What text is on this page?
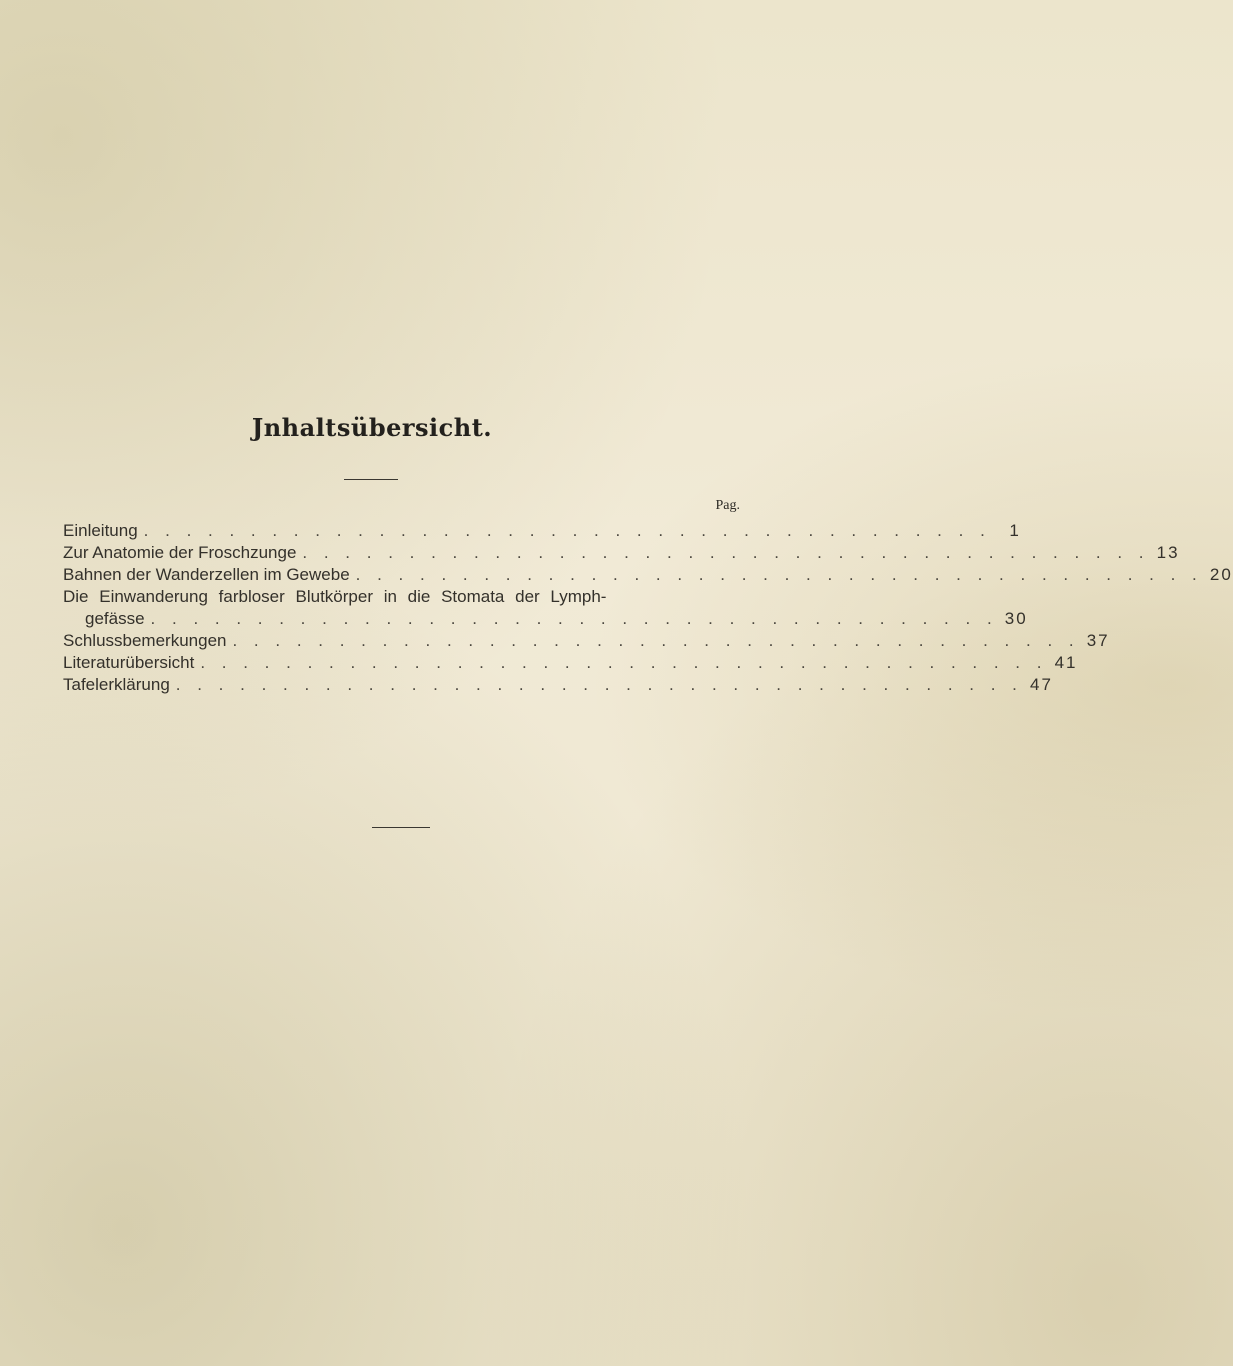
Jnhaltsübersicht.
Pag.
Einleitung . . . . . . . . . . . . . . . . . . . . . . . . . . . . . . . . . . . . . . . .	1
Zur Anatomie der Froschzunge . . . . . . . . . . . . . . . . . . . . . . . . . . . . . . . . . . . . . . . . 13
Bahnen der Wanderzellen im Gewebe . . . . . . . . . . . . . . . . . . . . . . . . . . . . . . . . . . . . . . . . 20
Die Einwanderung farbloser Blutkörper in die Stomata der Lymph-
gefässe . . . . . . . . . . . . . . . . . . . . . . . . . . . . . . . . . . . . . . . . 30
Schlussbemerkungen . . . . . . . . . . . . . . . . . . . . . . . . . . . . . . . . . . . . . . . . 37
Literaturübersicht . . . . . . . . . . . . . . . . . . . . . . . . . . . . . . . . . . . . . . . . 41
Tafelerklärung . . . . . . . . . . . . . . . . . . . . . . . . . . . . . . . . . . . . . . . . 47
